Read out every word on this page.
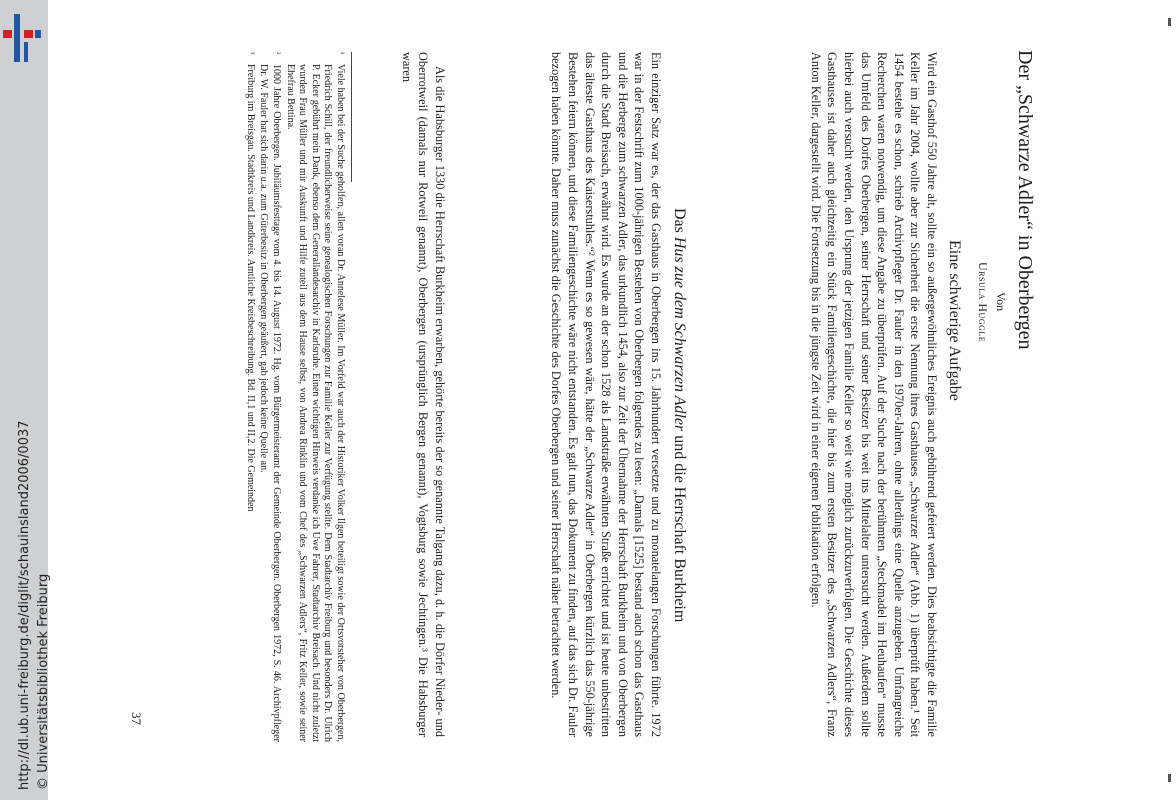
http://dl.ub.uni-freiburg.de/diglit/schauinsland2006/0037 © Universitätsbibliothek Freiburg
Der „Schwarze Adler“ in Oberbergen
Von
Ursula Huggle
Eine schwierige Aufgabe

Wird ein Gasthof 550 Jahre alt, sollte ein so außergewöhnliches Ereignis auch gebührend gefeiert werden. Dies beabsichtigte die Familie Keller im Jahr 2004, wollte aber zur Sicherheit die erste Nennung ihres Gasthauses „Schwarzer Adler“ (Abb. 1) überprüft haben.¹ Seit 1454 bestehe es schon, schrieb Archivpfleger Dr. Fauler in den 1970er-Jahren, ohne allerdings eine Quelle anzugeben. Umfangreiche Recherchen waren notwendig, um diese Angabe zu überprüfen. Auf der Suche nach der berühmten „Steckmadel im Heuhaufen“ musste das Umfeld des Dorfes Oberbergen, seiner Herrschaft und seiner Besitzer bis weit ins Mittelalter untersucht werden. Außerdem sollte hierbei auch versucht werden, den Ursprung der jetzigen Familie Keller so weit wie möglich zurückzuverfolgen. Die Geschichte dieses Gasthauses ist daher auch gleichzeitig ein Stück Familiengeschichte, die hier bis zum ersten Besitzer des „Schwarzen Adlers“, Franz Anton Keller, dargestellt wird. Die Fortsetzung bis in die jüngste Zeit wird in einer eigenen Publikation erfolgen.

Das Hus zue dem Schwarzen Adler und die Herrschaft Burkheim

Ein einziger Satz war es, der das Gasthaus in Oberbergen ins 15. Jahrhundert versetzte und zu monatelangen Forschungen führte. 1972 war in der Festschrift zum 1000-jährigen Bestehen von Oberbergen folgendes zu lesen: „Damals [1525] bestand auch schon das Gasthaus und die Herberge zum schwarzen Adler, das urkundlich 1454, also zur Zeit der Übernahme der Herrschaft Burkheim und von Oberbergen durch die Stadt Breisach, erwähnt wird. Es wurde an der schon 1528 als Landstraße erwähnten Straße errichtet und ist heute unbestritten das älteste Gasthaus des Kaiserstuhles.“² Wenn es so gewesen wäre, hätte der „Schwarze Adler“ in Oberbergen kürzlich das 550-jährige Bestehen feiern können, und diese Familiengeschichte wäre nicht entstanden. Es galt nun, das Dokument zu finden, auf das sich Dr. Fauler bezogen haben könnte. Daher muss zunächst die Geschichte des Dorfes Oberbergen und seiner Herrschaft näher betrachtet werden.

Als die Habsburger 1330 die Herrschaft Burkheim erwarben, gehörte bereits der so genannte Talgang dazu, d. h. die Dörfer Nieder- und Oberrotweil (damals nur Rotweil genannt), Oberbergen (ursprünglich Bergen genannt), Vogtsburg sowie Jechtingen.³ Die Habsburger waren

¹
Viele haben bei der Suche geholfen, allen voran Dr. Annelese Müller. Im Vorfeld war auch der Historiker Volker Ilgen beteiligt sowie der Ortsvorsteher von Oberbergen, Friedrich Schill, der freundlicherweise seine genealogischen Forschungen zur Familie Keller zur Verfügung stellte. Dem Stadtarchiv Freiburg und besonders Dr. Ulrich P. Ecker gebührt mein Dank, ebenso dem Generallandesarchiv in Karlsruhe. Einen wichtigen Hinweis verdanke ich Uwe Fahrer, Stadtarchiv Breisach. Und nicht zuletzt wurden Frau Müller und mir Auskunft und Hilfe zuteil aus dem Hause selbst, von Andrea Rinklin und vom Chef des „Schwarzen Adlers“, Fritz Keller, sowie seiner Ehefrau Bettina.

²
1000 Jahre Oberbergen. Jubiläumsfesttage vom 4. bis 14. August 1972. Hg. vom Bürgermeisteramt der Gemeinde Oberbergen. Oberbergen 1972, S. 46. Archivpfleger Dr. W. Fauler hat sich darin u.a. zum Güterbesitz in Oberbergen geäußert, gab jedoch keine Quelle an.

³
Freiburg im Breisgau. Stadtkreis und Landkreis. Amtliche Kreisbeschreibung. Bd. II,1 und II,2. Die Gemeinden

37
